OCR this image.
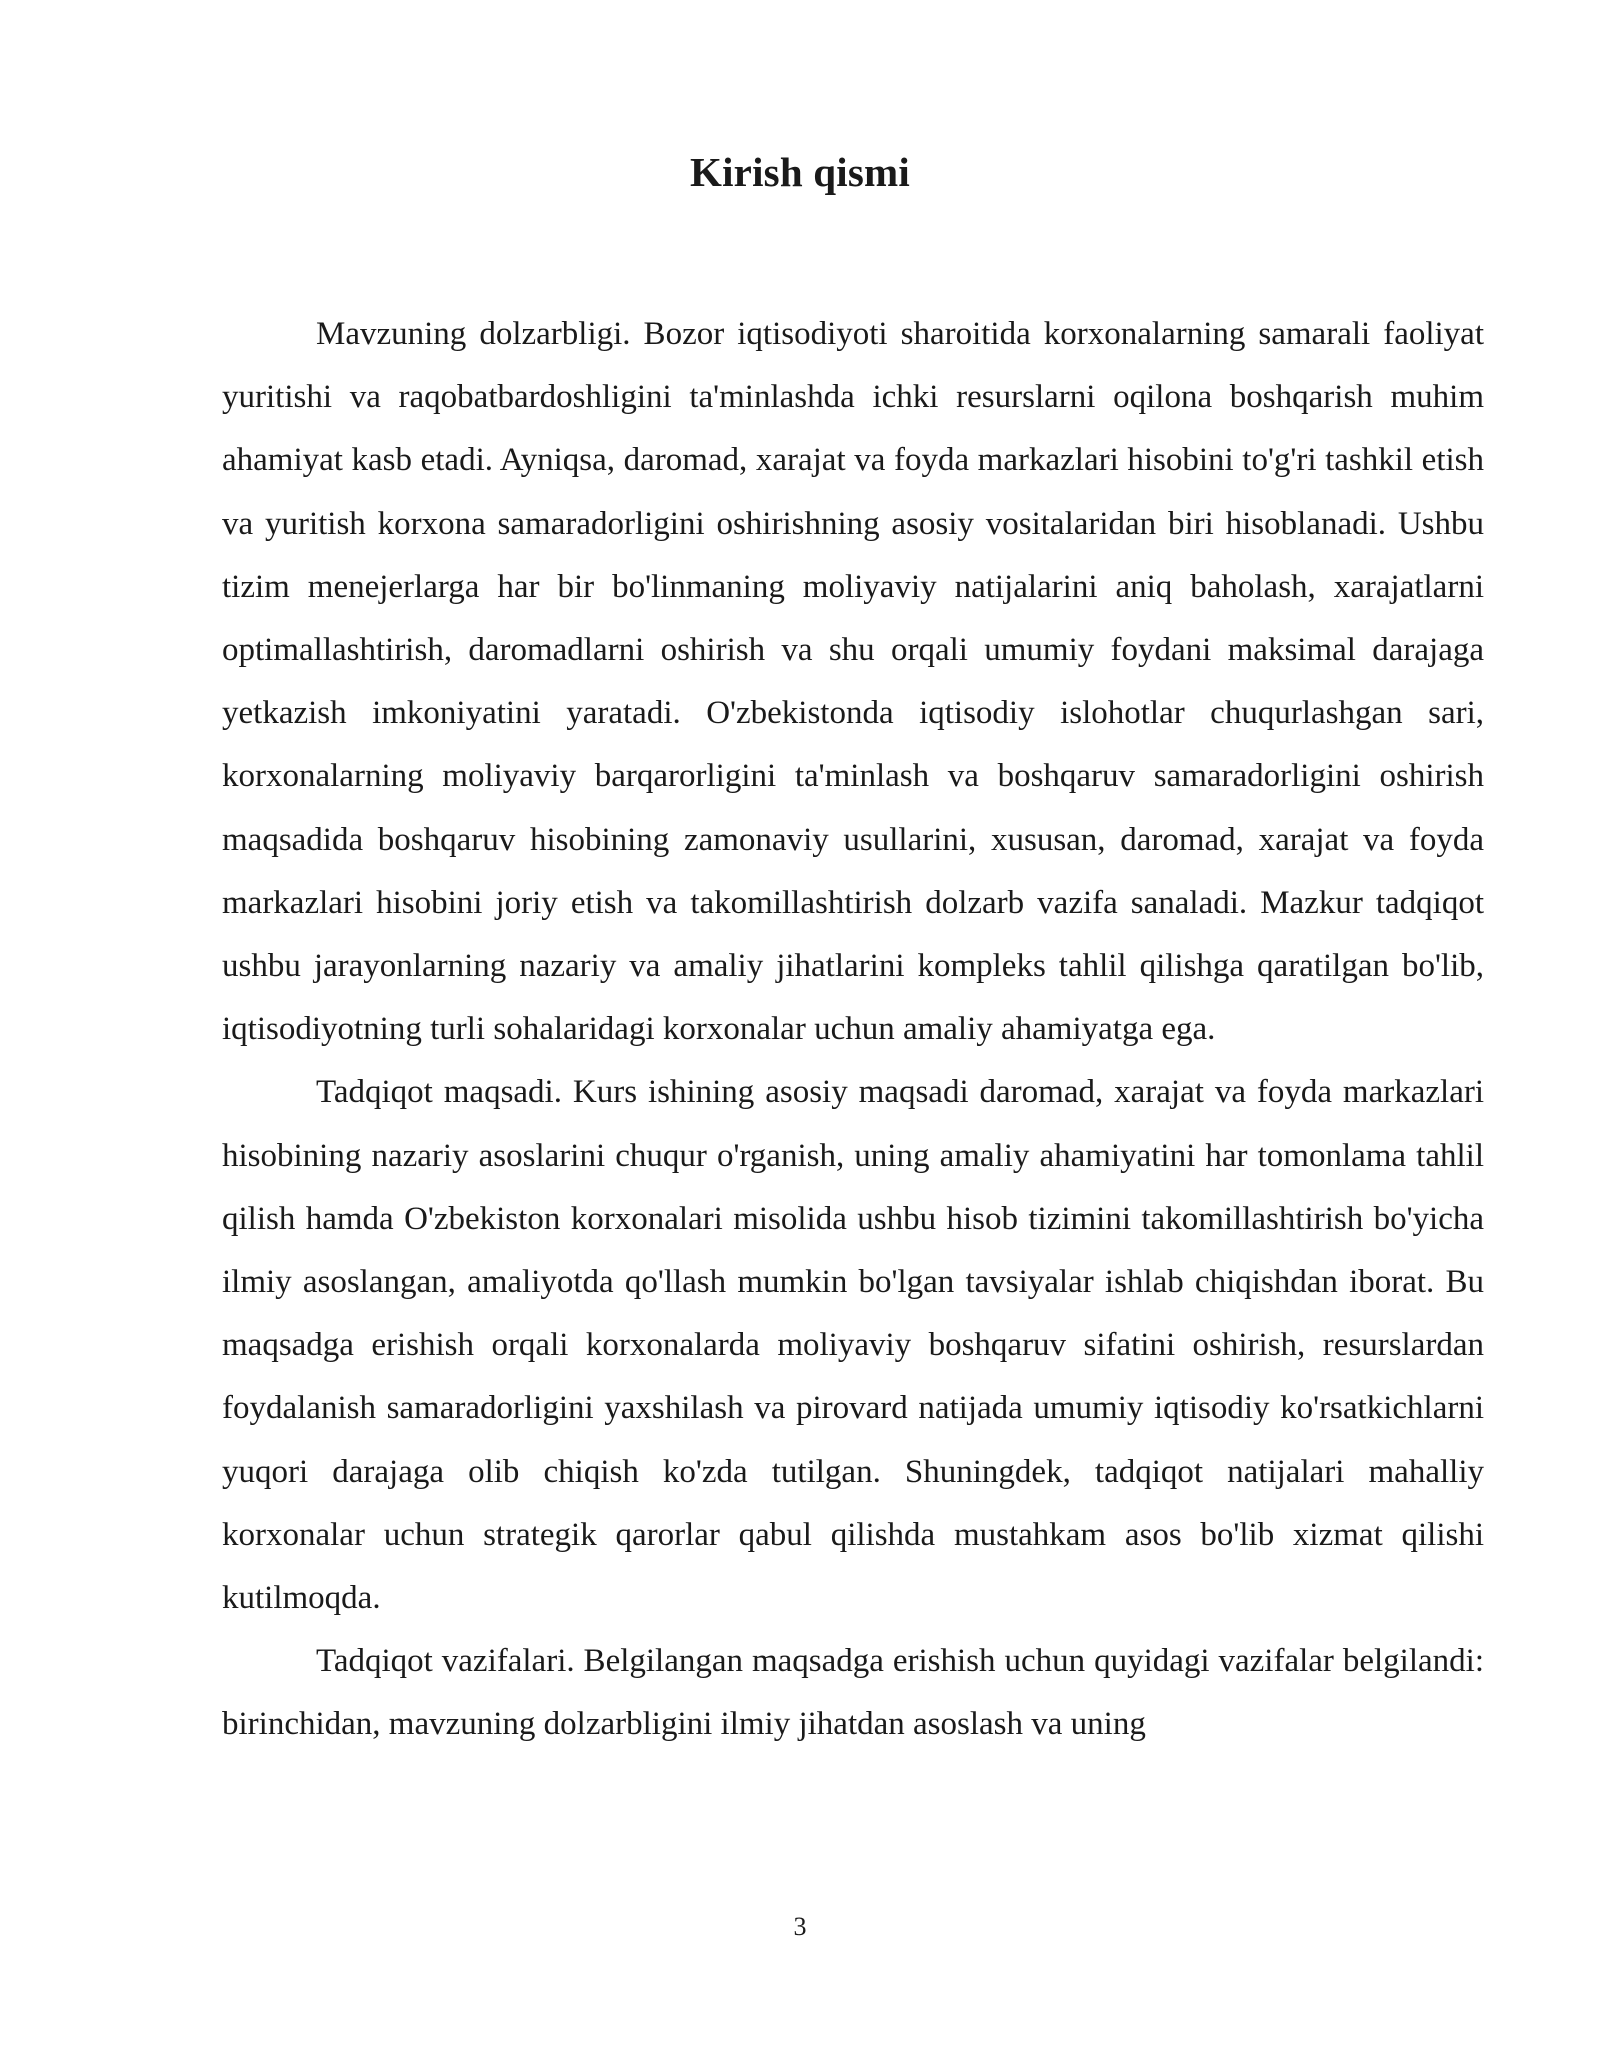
Kirish qismi

Mavzuning dolzarbligi. Bozor iqtisodiyoti sharoitida korxonalarning samarali faoliyat yuritishi va raqobatbardoshligini ta'minlashda ichki resurslarni oqilona boshqarish muhim ahamiyat kasb etadi. Ayniqsa, daromad, xarajat va foyda markazlari hisobini to'g'ri tashkil etish va yuritish korxona samaradorligini oshirishning asosiy vositalaridan biri hisoblanadi. Ushbu tizim menejerlarga har bir bo'linmaning moliyaviy natijalarini aniq baholash, xarajatlarni optimallashtirish, daromadlarni oshirish va shu orqali umumiy foydani maksimal darajaga yetkazish imkoniyatini yaratadi. O'zbekistonda iqtisodiy islohotlar chuqurlashgan sari, korxonalarning moliyaviy barqarorligini ta'minlash va boshqaruv samaradorligini oshirish maqsadida boshqaruv hisobining zamonaviy usullarini, xususan, daromad, xarajat va foyda markazlari hisobini joriy etish va takomillashtirish dolzarb vazifa sanaladi. Mazkur tadqiqot ushbu jarayonlarning nazariy va amaliy jihatlarini kompleks tahlil qilishga qaratilgan bo'lib, iqtisodiyotning turli sohalaridagi korxonalar uchun amaliy ahamiyatga ega.

Tadqiqot maqsadi. Kurs ishining asosiy maqsadi daromad, xarajat va foyda markazlari hisobining nazariy asoslarini chuqur o'rganish, uning amaliy ahamiyatini har tomonlama tahlil qilish hamda O'zbekiston korxonalari misolida ushbu hisob tizimini takomillashtirish bo'yicha ilmiy asoslangan, amaliyotda qo'llash mumkin bo'lgan tavsiyalar ishlab chiqishdan iborat. Bu maqsadga erishish orqali korxonalarda moliyaviy boshqaruv sifatini oshirish, resurslardan foydalanish samaradorligini yaxshilash va pirovard natijada umumiy iqtisodiy ko'rsatkichlarni yuqori darajaga olib chiqish ko'zda tutilgan. Shuningdek, tadqiqot natijalari mahalliy korxonalar uchun strategik qarorlar qabul qilishda mustahkam asos bo'lib xizmat qilishi kutilmoqda.

Tadqiqot vazifalari. Belgilangan maqsadga erishish uchun quyidagi vazifalar belgilandi: birinchidan, mavzuning dolzarbligini ilmiy jihatdan asoslash va uning

3
